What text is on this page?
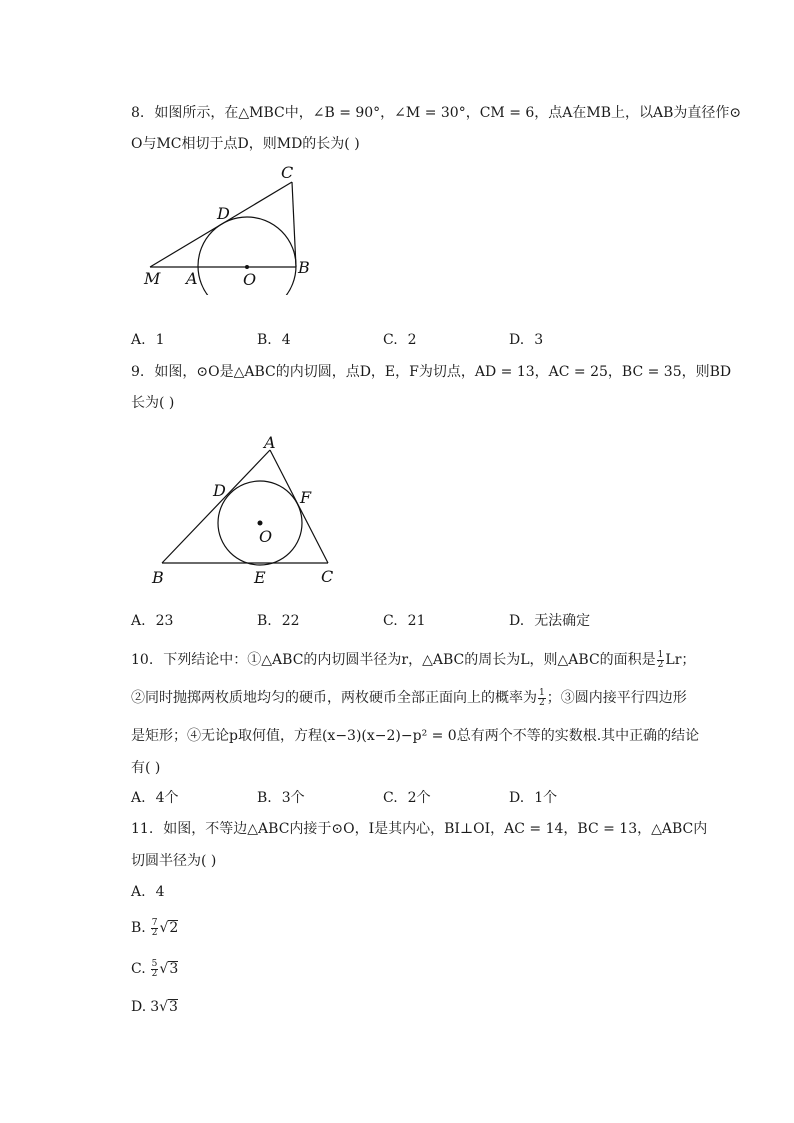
8. 如图所示，在△MBC中，∠B = 90°，∠M = 30°，CM = 6，点A在MB上，以AB为直径作⊙
O与MC相切于点D，则MD的长为( )
C
D
M A	O
B
A. 1	B. 4	C. 2	D. 3
9. 如图，⊙O是△ABC的内切圆，点D，E，F为切点，AD = 13，AC = 25，BC = 35，则BD
长为( )
A
D	F
O
B	E	C
A. 23	B. 22	C. 21	D. 无法确定
10. 下列结论中：①△ABC的内切圆半径为r，△ABC的周长为L，则△ABC的面积是 $\frac{1}{2}$ Lr；
②同时抛掷两枚质地均匀的硬币，两枚硬币全部正面向上的概率为 $\frac{1}{2}$ ；③圆内接平行四边形
是矩形；④无论p取何值，方程(x−3)(x−2)−p² = 0总有两个不等的实数根.其中正确的结论
有( )
A. 4个	B. 3个	C. 2个	D. 1个
11. 如图，不等边△ABC内接于⊙O，I是其内心，BI⊥OI，AC = 14，BC = 13，△ABC内
切圆半径为( )
A. 4
B. $\frac{7}{2} √2$
C. $\frac{5}{2} √3$
D. 3√3
